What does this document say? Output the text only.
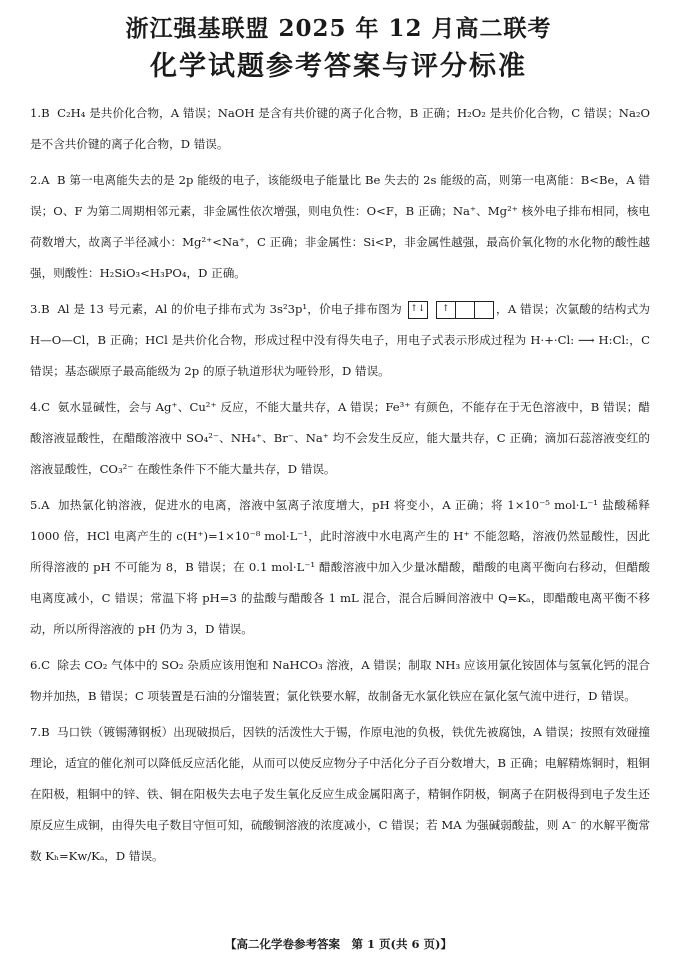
浙江强基联盟 2025 年 12 月高二联考
化学试题参考答案与评分标准

1.B C₂H₄ 是共价化合物，A 错误；NaOH 是含有共价键的离子化合物，B 正确；H₂O₂ 是共价化合物，C 错误；Na₂O 是不含共价键的离子化合物，D 错误。

2.A B 第一电离能失去的是 2p 能级的电子，该能级电子能量比 Be 失去的 2s 能级的高，则第一电离能：B<Be，A 错误；O、F 为第二周期相邻元素，非金属性依次增强，则电负性：O<F，B 正确；Na⁺、Mg²⁺ 核外电子排布相同，核电荷数增大，故离子半径减小：Mg²⁺<Na⁺，C 正确；非金属性：Si<P，非金属性越强，最高价氧化物的水化物的酸性越强，则酸性：H₂SiO₃<H₃PO₄，D 正确。

3.B Al 是 13 号元素，Al 的价电子排布式为 3s²3p¹，价电子排布图为 ↑↓	↑	，A 错误；次氯酸的结构式为 H—O—Cl，B 正确；HCl 是共价化合物，形成过程中没有得失电子，用电子式表示形成过程为 H·+·Cl: ⟶ H:Cl:，C 错误；基态碳原子最高能级为 2p 的原子轨道形状为哑铃形，D 错误。

4.C 氨水显碱性，会与 Ag⁺、Cu²⁺ 反应，不能大量共存，A 错误；Fe³⁺ 有颜色，不能存在于无色溶液中，B 错误；醋酸溶液显酸性，在醋酸溶液中 SO₄²⁻、NH₄⁺、Br⁻、Na⁺ 均不会发生反应，能大量共存，C 正确；滴加石蕊溶液变红的溶液显酸性，CO₃²⁻ 在酸性条件下不能大量共存，D 错误。

5.A 加热氯化钠溶液，促进水的电离，溶液中氢离子浓度增大，pH 将变小，A 正确；将 1×10⁻⁵ mol·L⁻¹ 盐酸稀释 1000 倍，HCl 电离产生的 c(H⁺)=1×10⁻⁸ mol·L⁻¹，此时溶液中水电离产生的 H⁺ 不能忽略，溶液仍然显酸性，因此所得溶液的 pH 不可能为 8，B 错误；在 0.1 mol·L⁻¹ 醋酸溶液中加入少量冰醋酸，醋酸的电离平衡向右移动，但醋酸电离度减小，C 错误；常温下将 pH=3 的盐酸与醋酸各 1 mL 混合，混合后瞬间溶液中 Q=Kₐ，即醋酸电离平衡不移动，所以所得溶液的 pH 仍为 3，D 错误。

6.C 除去 CO₂ 气体中的 SO₂ 杂质应该用饱和 NaHCO₃ 溶液，A 错误；制取 NH₃ 应该用氯化铵固体与氢氧化钙的混合物并加热，B 错误；C 项装置是石油的分馏装置；氯化铁要水解，故制备无水氯化铁应在氯化氢气流中进行，D 错误。

7.B 马口铁（镀锡薄钢板）出现破损后，因铁的活泼性大于锡，作原电池的负极，铁优先被腐蚀，A 错误；按照有效碰撞理论，适宜的催化剂可以降低反应活化能，从而可以使反应物分子中活化分子百分数增大，B 正确；电解精炼铜时，粗铜在阳极，粗铜中的锌、铁、铜在阳极失去电子发生氧化反应生成金属阳离子，精铜作阴极，铜离子在阴极得到电子发生还原反应生成铜，由得失电子数目守恒可知，硫酸铜溶液的浓度减小，C 错误；若 MA 为强碱弱酸盐，则 A⁻ 的水解平衡常数 Kₕ=Kw/Kₐ，D 错误。

【高二化学卷参考答案　第 1 页(共 6 页)】
